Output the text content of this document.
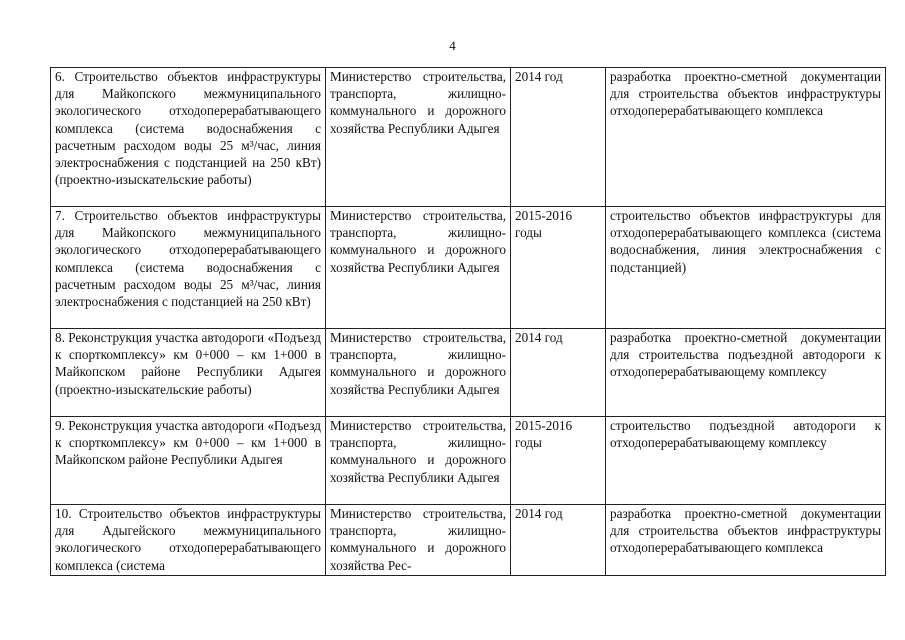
4
6. Строительство объектов инфраструктуры для Майкопского межмуниципального экологического отходоперерабатывающего комплекса (система водоснабжения с расчетным расходом воды 25 м³/час, линия электроснабжения с подстанцией на 250 кВт) (проектно-изыскательские работы)	Министерство строительства, транспорта, жилищно-коммунального и дорожного хозяйства Республики Адыгея	2014 год	разработка проектно-сметной документации для строительства объектов инфраструктуры отходоперерабатывающего комплекса
7. Строительство объектов инфраструктуры для Майкопского межмуниципального экологического отходоперерабатывающего комплекса (система водоснабжения с расчетным расходом воды 25 м³/час, линия электроснабжения с подстанцией на 250 кВт)	Министерство строительства, транспорта, жилищно-коммунального и дорожного хозяйства Республики Адыгея	2015-2016 годы	строительство объектов инфраструктуры для отходоперерабатывающего комплекса (система водоснабжения, линия электроснабжения с подстанцией)
8. Реконструкция участка автодороги «Подъезд к спорткомплексу» км 0+000 – км 1+000 в Майкопском районе Республики Адыгея (проектно-изыскательские работы)	Министерство строительства, транспорта, жилищно-коммунального и дорожного хозяйства Республики Адыгея	2014 год	разработка проектно-сметной документации для строительства подъездной автодороги к отходоперерабатывающему комплексу
9. Реконструкция участка автодороги «Подъезд к спорткомплексу» км 0+000 – км 1+000 в Майкопском районе Республики Адыгея	Министерство строительства, транспорта, жилищно-коммунального и дорожного хозяйства Республики Адыгея	2015-2016 годы	строительство подъездной автодороги к отходоперерабатывающему комплексу
10. Строительство объектов инфраструктуры для Адыгейского межмуниципального экологического отходоперерабатывающего комплекса (система	Министерство строительства, транспорта, жилищно-коммунального и дорожного хозяйства Рес-	2014 год	разработка проектно-сметной документации для строительства объектов инфраструктуры отходоперерабатывающего комплекса
